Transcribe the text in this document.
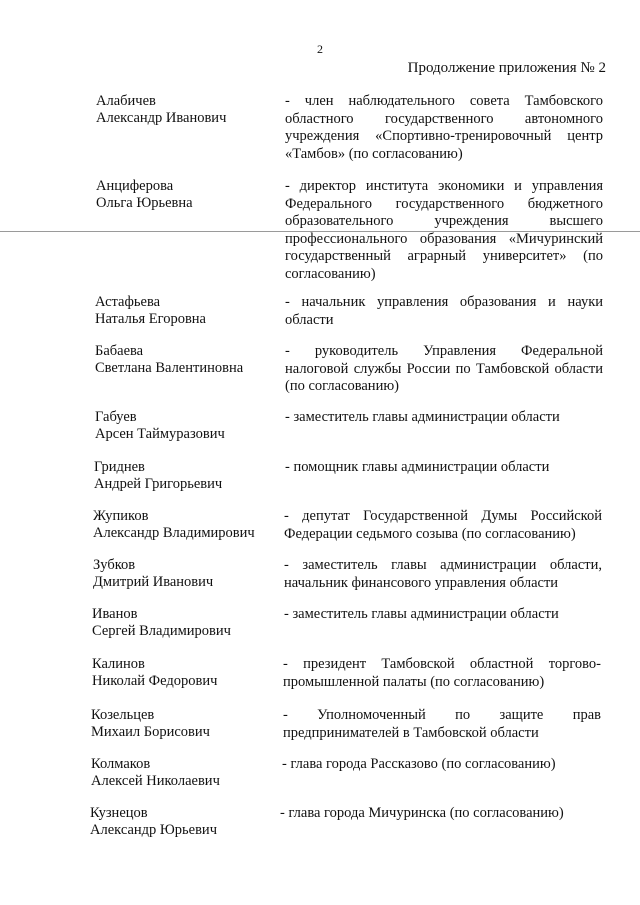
2
Продолжение приложения № 2
Алабичев
Александр Иванович
- член наблюдательного совета Тамбовского областного государственного автономного учреждения «Спортивно-тренировочный центр «Тамбов» (по согласованию)
Анциферова
Ольга Юрьевна
- директор института экономики и управления Федерального государственного бюджетного образовательного учреждения высшего профессионального образования «Мичуринский государственный аграрный университет» (по согласованию)
Астафьева
Наталья Егоровна
- начальник управления образования и науки области
Бабаева
Светлана Валентиновна
- руководитель Управления Федеральной налоговой службы России по Тамбовской области (по согласованию)
Габуев
Арсен Таймуразович
- заместитель главы администрации области
Гриднев
Андрей Григорьевич
- помощник главы администрации области
Жупиков
Александр Владимирович
- депутат Государственной Думы Российской Федерации седьмого созыва (по согласованию)
Зубков
Дмитрий Иванович
- заместитель главы администрации области, начальник финансового управления области
Иванов
Сергей Владимирович
- заместитель главы администрации области
Калинов
Николай Федорович
- президент Тамбовской областной торгово-промышленной палаты (по согласованию)
Козельцев
Михаил Борисович
- Уполномоченный по защите прав предпринимателей в Тамбовской области
Колмаков
Алексей Николаевич
- глава города Рассказово (по согласованию)
Кузнецов
Александр Юрьевич
- глава города Мичуринска (по согласованию)
